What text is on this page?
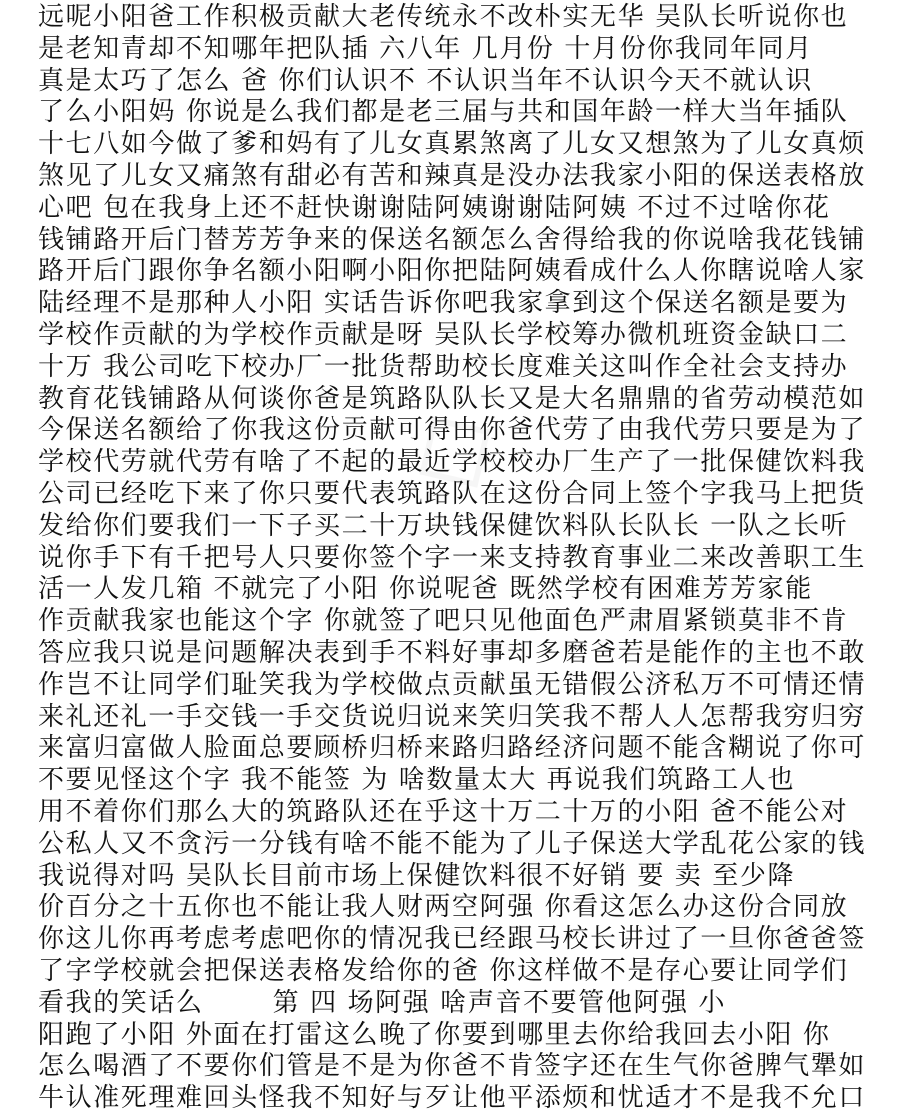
远呢小阳爸工作积极贡献大老传统永不改朴实无华 吴队长听说你也
是老知青却不知哪年把队插 六八年 几月份 十月份你我同年同月
真是太巧了怎么 爸 你们认识不 不认识当年不认识今天不就认识
了么小阳妈 你说是么我们都是老三届与共和国年龄一样大当年插队
十七八如今做了爹和妈有了儿女真累煞离了儿女又想煞为了儿女真烦
煞见了儿女又痛煞有甜必有苦和辣真是没办法我家小阳的保送表格放
心吧 包在我身上还不赶快谢谢陆阿姨谢谢陆阿姨 不过不过啥你花
钱铺路开后门替芳芳争来的保送名额怎么舍得给我的你说啥我花钱铺
路开后门跟你争名额小阳啊小阳你把陆阿姨看成什么人你瞎说啥人家
陆经理不是那种人小阳 实话告诉你吧我家拿到这个保送名额是要为
学校作贡献的为学校作贡献是呀 吴队长学校筹办微机班资金缺口二
十万 我公司吃下校办厂一批货帮助校长度难关这叫作全社会支持办
教育花钱铺路从何谈你爸是筑路队队长又是大名鼎鼎的省劳动模范如
今保送名额给了你我这份贡献可得由你爸代劳了由我代劳只要是为了
学校代劳就代劳有啥了不起的最近学校校办厂生产了一批保健饮料我
公司已经吃下来了你只要代表筑路队在这份合同上签个字我马上把货
发给你们要我们一下子买二十万块钱保健饮料队长队长 一队之长听
说你手下有千把号人只要你签个字一来支持教育事业二来改善职工生
活一人发几箱 不就完了小阳 你说呢爸 既然学校有困难芳芳家能
作贡献我家也能这个字 你就签了吧只见他面色严肃眉紧锁莫非不肯
答应我只说是问题解决表到手不料好事却多磨爸若是能作的主也不敢
作岂不让同学们耻笑我为学校做点贡献虽无错假公济私万不可情还情
来礼还礼一手交钱一手交货说归说来笑归笑我不帮人人怎帮我穷归穷
来富归富做人脸面总要顾桥归桥来路归路经济问题不能含糊说了你可
不要见怪这个字 我不能签 为 啥数量太大 再说我们筑路工人也
用不着你们那么大的筑路队还在乎这十万二十万的小阳 爸不能公对
公私人又不贪污一分钱有啥不能不能为了儿子保送大学乱花公家的钱
我说得对吗 吴队长目前市场上保健饮料很不好销 要 卖 至少降
价百分之十五你也不能让我人财两空阿强 你看这怎么办这份合同放
你这儿你再考虑考虑吧你的情况我已经跟马校长讲过了一旦你爸爸签
了字学校就会把保送表格发给你的爸 你这样做不是存心要让同学们
看我的笑话么       第 四 场阿强 啥声音不要管他阿强 小
阳跑了小阳 外面在打雷这么晚了你要到哪里去你给我回去小阳 你
怎么喝酒了不要你们管是不是为你爸不肯签字还在生气你爸脾气犟如
牛认准死理难回头怪我不知好与歹让他平添烦和忧适才不是我不允口
